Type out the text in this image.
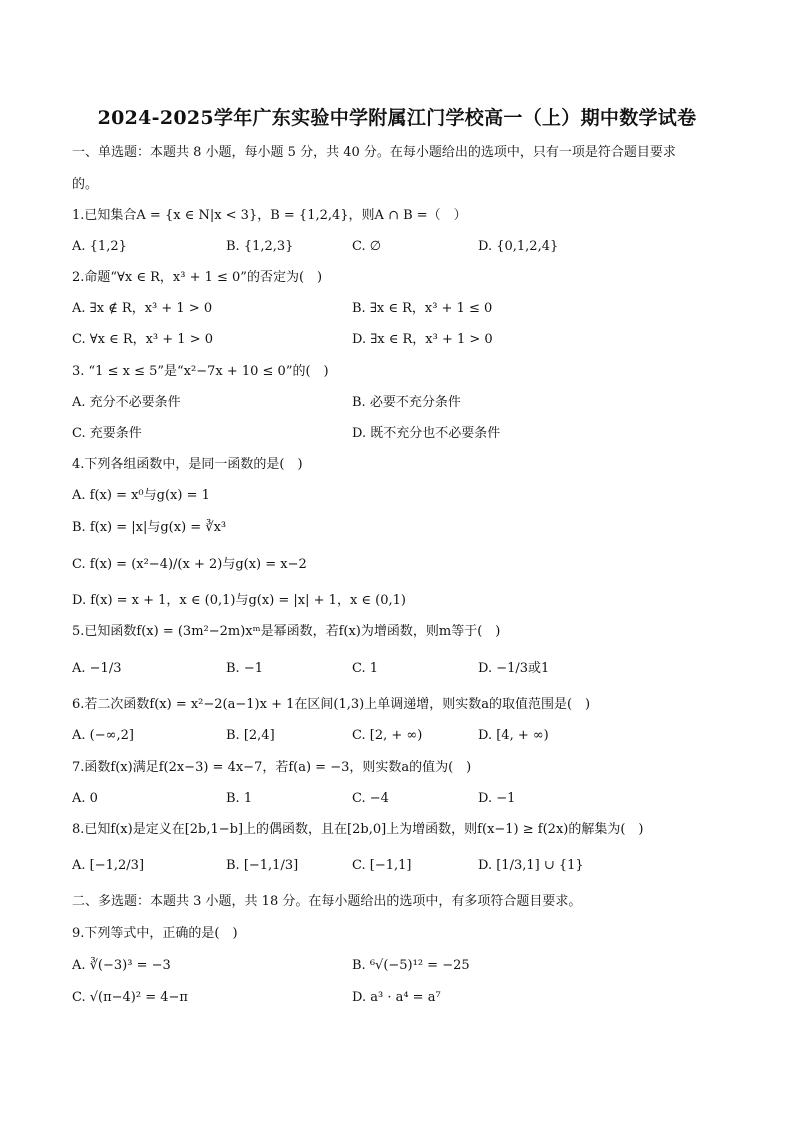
2024-2025学年广东实验中学附属江门学校高一（上）期中数学试卷
一、单选题：本题共 8 小题，每小题 5 分，共 40 分。在每小题给出的选项中，只有一项是符合题目要求
的。
1.已知集合A = {x ∈ N|x < 3}，B = {1,2,4}，则A ∩ B =（　）
A. {1,2}	B. {1,2,3}	C. ∅	D. {0,1,2,4}
2.命题“∀x ∈ R，x³ + 1 ≤ 0”的否定为(　)
A. ∃x ∉ R，x³ + 1 > 0	B. ∃x ∈ R，x³ + 1 ≤ 0
C. ∀x ∈ R，x³ + 1 > 0	D. ∃x ∈ R，x³ + 1 > 0
3. “1 ≤ x ≤ 5”是“x²−7x + 10 ≤ 0”的(　)
A. 充分不必要条件	B. 必要不充分条件
C. 充要条件	D. 既不充分也不必要条件
4.下列各组函数中，是同一函数的是(　)
A. f(x) = x⁰与g(x) = 1
B. f(x) = |x|与g(x) = ∛x³
C. f(x) = (x²−4)/(x + 2)与g(x) = x−2
D. f(x) = x + 1，x ∈ (0,1)与g(x) = |x| + 1，x ∈ (0,1)
5.已知函数f(x) = (3m²−2m)xᵐ是幂函数，若f(x)为增函数，则m等于(　)
A. −1/3	B. −1	C. 1	D. −1/3或1
6.若二次函数f(x) = x²−2(a−1)x + 1在区间(1,3)上单调递增，则实数a的取值范围是(　)
A. (−∞,2]	B. [2,4]	C. [2, + ∞)	D. [4, + ∞)
7.函数f(x)满足f(2x−3) = 4x−7，若f(a) = −3，则实数a的值为(　)
A. 0	B. 1	C. −4	D. −1
8.已知f(x)是定义在[2b,1−b]上的偶函数，且在[2b,0]上为增函数，则f(x−1) ≥ f(2x)的解集为(　)
A. [−1,2/3]	B. [−1,1/3]	C. [−1,1]	D. [1/3,1] ∪ {1}
二、多选题：本题共 3 小题，共 18 分。在每小题给出的选项中，有多项符合题目要求。
9.下列等式中，正确的是(　)
A. ∛(−3)³ = −3	B. ⁶√(−5)¹² = −25
C. √(π−4)² = 4−π	D. a³ · a⁴ = a⁷
